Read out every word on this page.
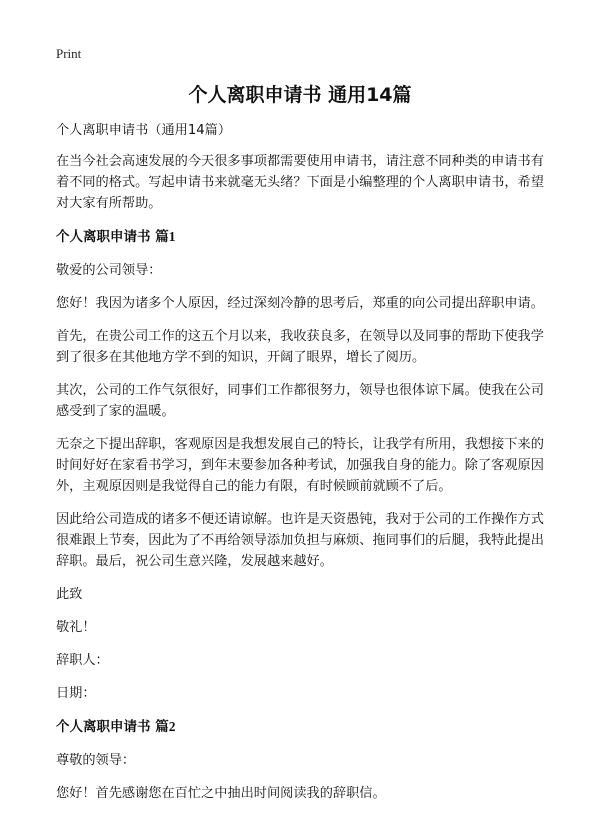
Print
个人离职申请书 通用14篇

个人离职申请书（通用14篇）

在当今社会高速发展的今天很多事项都需要使用申请书，请注意不同种类的申请书有着不同的格式。写起申请书来就毫无头绪？下面是小编整理的个人离职申请书，希望对大家有所帮助。

个人离职申请书 篇1

敬爱的公司领导：

您好！我因为诸多个人原因，经过深刻冷静的思考后，郑重的向公司提出辞职申请。

首先，在贵公司工作的这五个月以来，我收获良多，在领导以及同事的帮助下使我学到了很多在其他地方学不到的知识，开阔了眼界，增长了阅历。

其次，公司的工作气氛很好，同事们工作都很努力，领导也很体谅下属。使我在公司感受到了家的温暖。

无奈之下提出辞职，客观原因是我想发展自己的特长，让我学有所用，我想接下来的时间好好在家看书学习，到年末要参加各种考试，加强我自身的能力。除了客观原因外，主观原因则是我觉得自己的能力有限，有时候顾前就顾不了后。

因此给公司造成的诸多不便还请谅解。也许是天资愚钝，我对于公司的工作操作方式很难跟上节奏，因此为了不再给领导添加负担与麻烦、拖同事们的后腿，我特此提出辞职。最后，祝公司生意兴隆，发展越来越好。

此致

敬礼！

辞职人：

日期：

个人离职申请书 篇2

尊敬的领导：

您好！首先感谢您在百忙之中抽出时间阅读我的辞职信。
